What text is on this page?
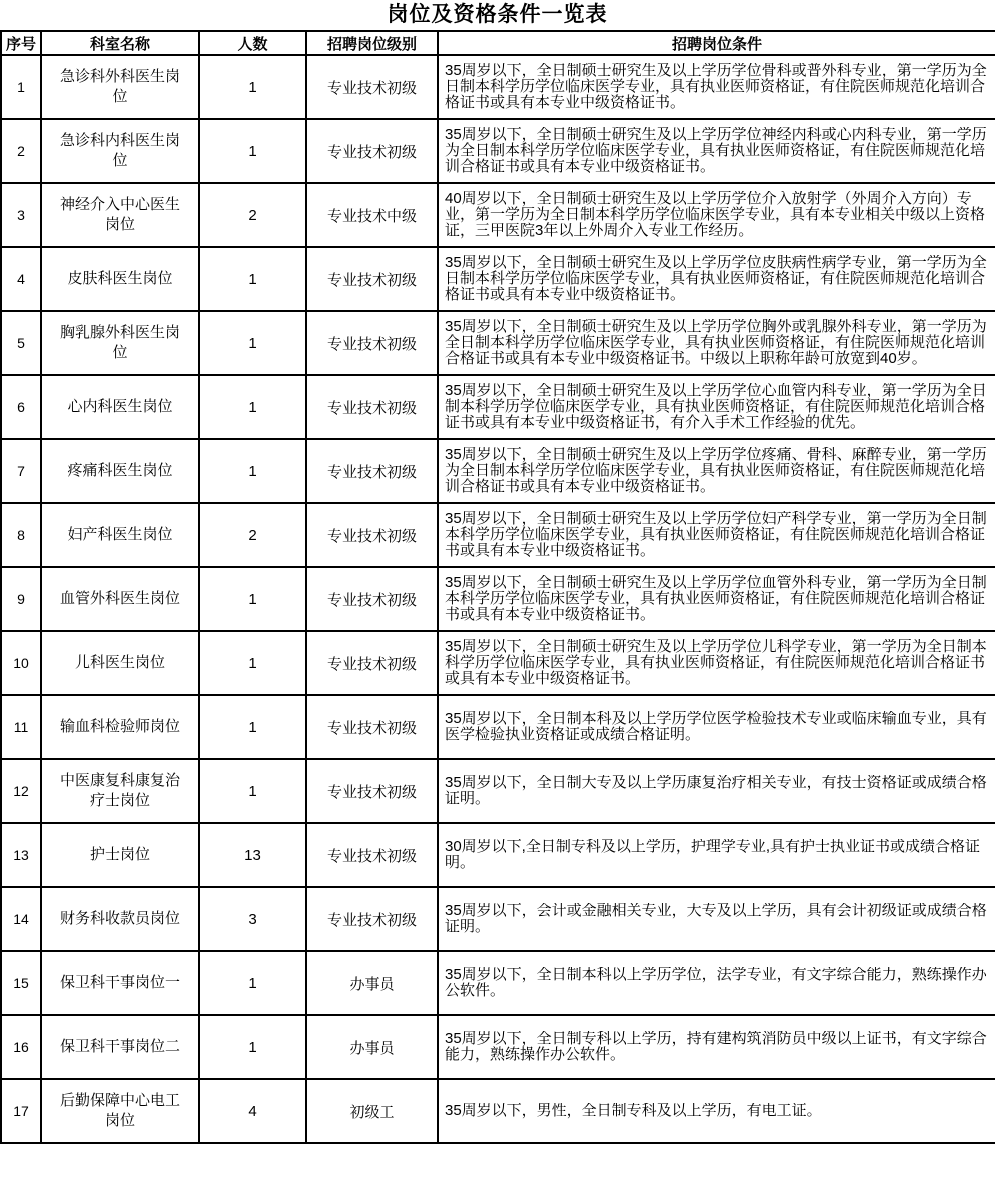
岗位及资格条件一览表
序号	科室名称	人数	招聘岗位级别	招聘岗位条件
1	急诊科外科医生岗位	1	专业技术初级	35周岁以下，全日制硕士研究生及以上学历学位骨科或普外科专业，第一学历为全日制本科学历学位临床医学专业，具有执业医师资格证，有住院医师规范化培训合格证书或具有本专业中级资格证书。

2	急诊科内科医生岗位	1	专业技术初级	35周岁以下，全日制硕士研究生及以上学历学位神经内科或心内科专业，第一学历为全日制本科学历学位临床医学专业，具有执业医师资格证，有住院医师规范化培训合格证书或具有本专业中级资格证书。

3	神经介入中心医生岗位	2	专业技术中级	40周岁以下，全日制硕士研究生及以上学历学位介入放射学（外周介入方向）专业，第一学历为全日制本科学历学位临床医学专业，具有本专业相关中级以上资格证，三甲医院3年以上外周介入专业工作经历。

4	皮肤科医生岗位	1	专业技术初级	35周岁以下，全日制硕士研究生及以上学历学位皮肤病性病学专业，第一学历为全日制本科学历学位临床医学专业，具有执业医师资格证，有住院医师规范化培训合格证书或具有本专业中级资格证书。

5	胸乳腺外科医生岗位	1	专业技术初级	35周岁以下，全日制硕士研究生及以上学历学位胸外或乳腺外科专业，第一学历为全日制本科学历学位临床医学专业，具有执业医师资格证，有住院医师规范化培训合格证书或具有本专业中级资格证书。中级以上职称年龄可放宽到40岁。

6	心内科医生岗位	1	专业技术初级	35周岁以下，全日制硕士研究生及以上学历学位心血管内科专业，第一学历为全日制本科学历学位临床医学专业，具有执业医师资格证，有住院医师规范化培训合格证书或具有本专业中级资格证书，有介入手术工作经验的优先。

7	疼痛科医生岗位	1	专业技术初级	35周岁以下，全日制硕士研究生及以上学历学位疼痛、骨科、麻醉专业，第一学历为全日制本科学历学位临床医学专业，具有执业医师资格证，有住院医师规范化培训合格证书或具有本专业中级资格证书。

8	妇产科医生岗位	2	专业技术初级	35周岁以下，全日制硕士研究生及以上学历学位妇产科学专业，第一学历为全日制本科学历学位临床医学专业，具有执业医师资格证，有住院医师规范化培训合格证书或具有本专业中级资格证书。

9	血管外科医生岗位	1	专业技术初级	35周岁以下，全日制硕士研究生及以上学历学位血管外科专业，第一学历为全日制本科学历学位临床医学专业，具有执业医师资格证，有住院医师规范化培训合格证书或具有本专业中级资格证书。

10	儿科医生岗位	1	专业技术初级	35周岁以下，全日制硕士研究生及以上学历学位儿科学专业，第一学历为全日制本科学历学位临床医学专业，具有执业医师资格证，有住院医师规范化培训合格证书或具有本专业中级资格证书。

11	输血科检验师岗位	1	专业技术初级	35周岁以下，全日制本科及以上学历学位医学检验技术专业或临床输血专业，具有医学检验执业资格证或成绩合格证明。

12	中医康复科康复治疗士岗位	1	专业技术初级	35周岁以下，全日制大专及以上学历康复治疗相关专业，有技士资格证或成绩合格证明。

13	护士岗位	13	专业技术初级	30周岁以下,全日制专科及以上学历，护理学专业,具有护士执业证书或成绩合格证明。

14	财务科收款员岗位	3	专业技术初级	35周岁以下，会计或金融相关专业，大专及以上学历，具有会计初级证或成绩合格证明。

15	保卫科干事岗位一	1	办事员	35周岁以下，全日制本科以上学历学位，法学专业，有文字综合能力，熟练操作办公软件。

16	保卫科干事岗位二	1	办事员	35周岁以下，全日制专科以上学历，持有建构筑消防员中级以上证书，有文字综合能力，熟练操作办公软件。

17	后勤保障中心电工岗位	4	初级工	35周岁以下，男性，全日制专科及以上学历，有电工证。
